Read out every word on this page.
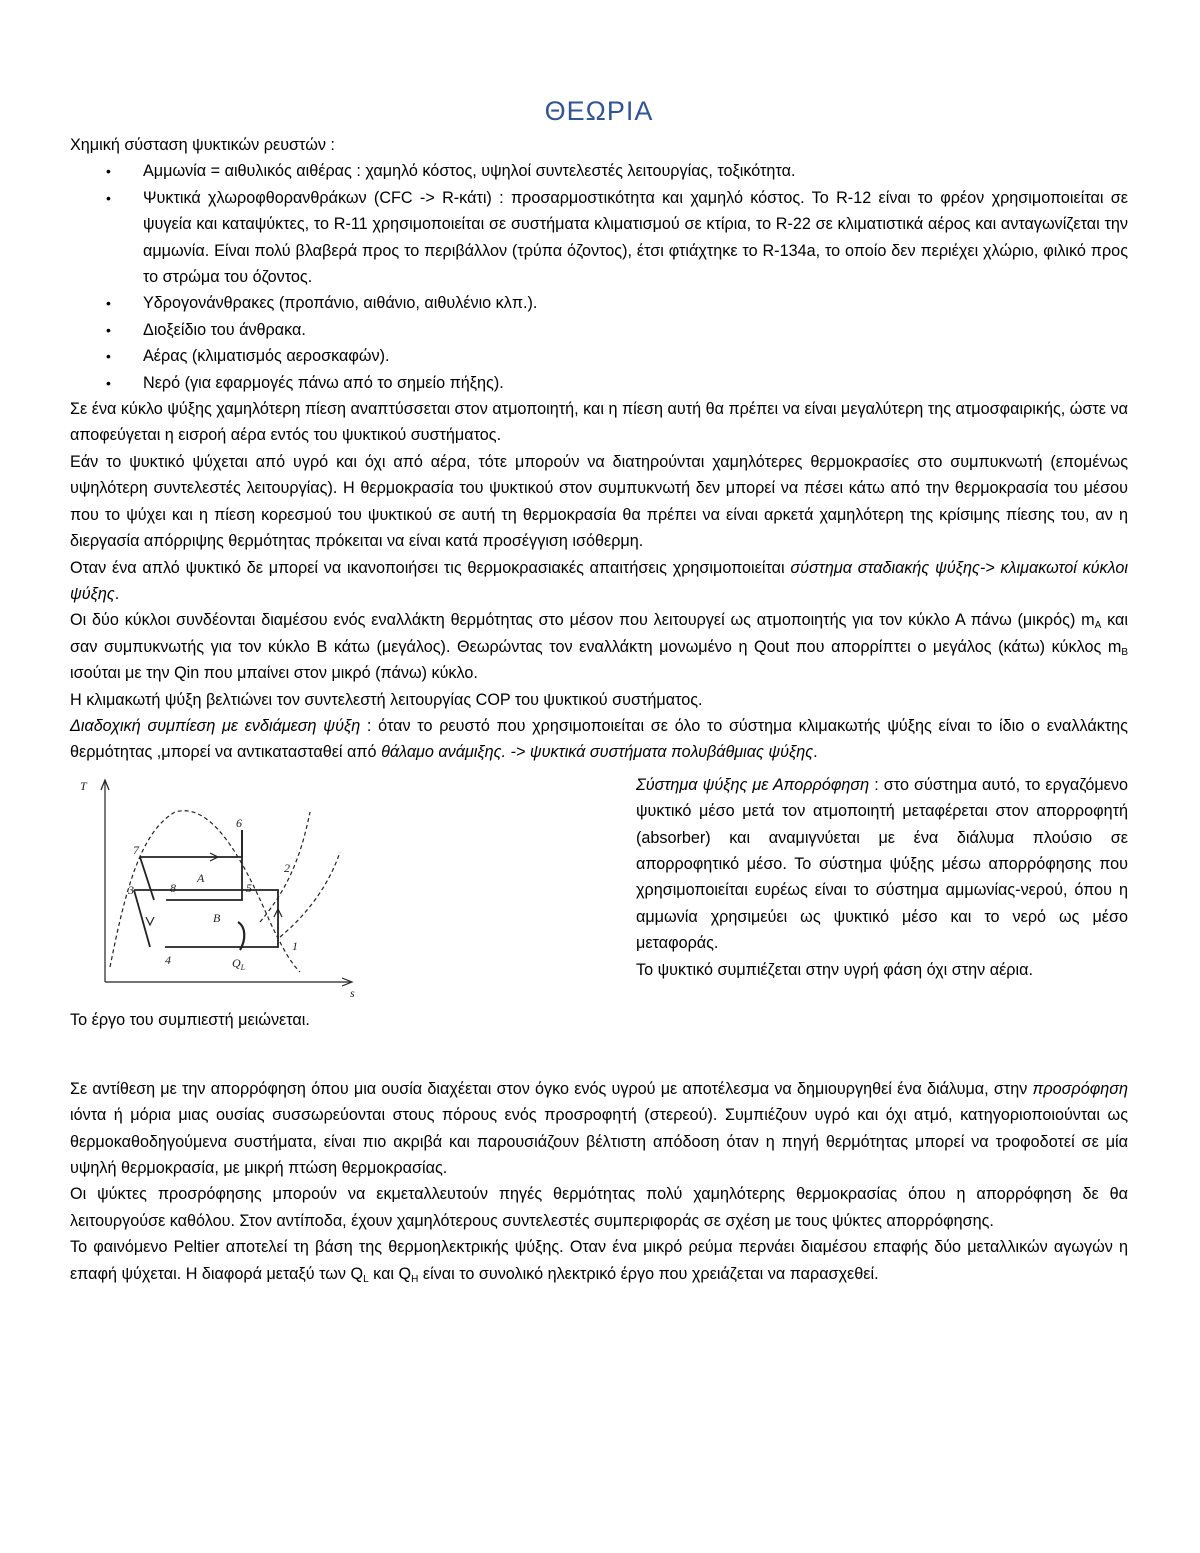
ΘΕΩΡΙΑ

Χημική σύσταση ψυκτικών ρευστών :

• Αμμωνία = αιθυλικός αιθέρας : χαμηλό κόστος, υψηλοί συντελεστές λειτουργίας, τοξικότητα.
• Ψυκτικά χλωροφθορανθράκων (CFC -> R-κάτι) : προσαρμοστικότητα και χαμηλό κόστος. Το R-12 είναι το φρέον χρησιμοποιείται σε ψυγεία και καταψύκτες, το R-11 χρησιμοποιείται σε συστήματα κλιματισμού σε κτίρια, το R-22 σε κλιματιστικά αέρος και ανταγωνίζεται την αμμωνία. Είναι πολύ βλαβερά προς το περιβάλλον (τρύπα όζοντος), έτσι φτιάχτηκε το R-134a, το οποίο δεν περιέχει χλώριο, φιλικό προς το στρώμα του όζοντος.
• Υδρογονάνθρακες (προπάνιο, αιθάνιο, αιθυλένιο κλπ.).
• Διοξείδιο του άνθρακα.
• Αέρας (κλιματισμός αεροσκαφών).
• Νερό (για εφαρμογές πάνω από το σημείο πήξης).

Σε ένα κύκλο ψύξης χαμηλότερη πίεση αναπτύσσεται στον ατμοποιητή, και η πίεση αυτή θα πρέπει να είναι μεγαλύτερη της ατμοσφαιρικής, ώστε να αποφεύγεται η εισροή αέρα εντός του ψυκτικού συστήματος.

Εάν το ψυκτικό ψύχεται από υγρό και όχι από αέρα, τότε μπορούν να διατηρούνται χαμηλότερες θερμοκρασίες στο συμπυκνωτή (επομένως υψηλότερη συντελεστές λειτουργίας). Η θερμοκρασία του ψυκτικού στον συμπυκνωτή δεν μπορεί να πέσει κάτω από την θερμοκρασία του μέσου που το ψύχει και η πίεση κορεσμού του ψυκτικού σε αυτή τη θερμοκρασία θα πρέπει να είναι αρκετά χαμηλότερη της κρίσιμης πίεσης του, αν η διεργασία απόρριψης θερμότητας πρόκειται να είναι κατά προσέγγιση ισόθερμη.

Οταν ένα απλό ψυκτικό δε μπορεί να ικανοποιήσει τις θερμοκρασιακές απαιτήσεις χρησιμοποιείται σύστημα σταδιακής ψύξης-> κλιμακωτοί κύκλοι ψύξης.

Οι δύο κύκλοι συνδέονται διαμέσου ενός εναλλάκτη θερμότητας στο μέσον που λειτουργεί ως ατμοποιητής για τον κύκλο Α πάνω (μικρός) $m_A$ και σαν συμπυκνωτής για τον κύκλο Β κάτω (μεγάλος). Θεωρώντας τον εναλλάκτη μονωμένο η Qout που απορρίπτει ο μεγάλος (κάτω) κύκλος $m_B$ ισούται με την Qin που μπαίνει στον μικρό (πάνω) κύκλο.

Η κλιμακωτή ψύξη βελτιώνει τον συντελεστή λειτουργίας COP του ψυκτικού συστήματος.

Διαδοχική συμπίεση με ενδιάμεση ψύξη : όταν το ρευστό που χρησιμοποιείται σε όλο το σύστημα κλιμακωτής ψύξης είναι το ίδιο ο εναλλάκτης θερμότητας ,μπορεί να αντικατασταθεί από θάλαμο ανάμιξης. -> ψυκτικά συστήματα πολυβάθμιας ψύξης.

T
s
1
2
3
4
5
6
7
8
A
B
$Q_L$
Το έργο του συμπιεστή μειώνεται.

Σύστημα ψύξης με Απορρόφηση : στο σύστημα αυτό, το εργαζόμενο ψυκτικό μέσο μετά τον ατμοποιητή μεταφέρεται στον απορροφητή (absorber) και αναμιγνύεται με ένα διάλυμα πλούσιο σε απορροφητικό μέσο. Το σύστημα ψύξης μέσω απορρόφησης που χρησιμοποιείται ευρέως είναι το σύστημα αμμωνίας-νερού, όπου η αμμωνία χρησιμεύει ως ψυκτικό μέσο και το νερό ως μέσο μεταφοράς.

Το ψυκτικό συμπιέζεται στην υγρή φάση όχι στην αέρια.

Σε αντίθεση με την απορρόφηση όπου μια ουσία διαχέεται στον όγκο ενός υγρού με αποτέλεσμα να δημιουργηθεί ένα διάλυμα, στην προσρόφηση ιόντα ή μόρια μιας ουσίας συσσωρεύονται στους πόρους ενός προσροφητή (στερεού). Συμπιέζουν υγρό και όχι ατμό, κατηγοριοποιούνται ως θερμοκαθοδηγούμενα συστήματα, είναι πιο ακριβά και παρουσιάζουν βέλτιστη απόδοση όταν η πηγή θερμότητας μπορεί να τροφοδοτεί σε μία υψηλή θερμοκρασία, με μικρή πτώση θερμοκρασίας.

Οι ψύκτες προσρόφησης μπορούν να εκμεταλλευτούν πηγές θερμότητας πολύ χαμηλότερης θερμοκρασίας όπου η απορρόφηση δε θα λειτουργούσε καθόλου. Στον αντίποδα, έχουν χαμηλότερους συντελεστές συμπεριφοράς σε σχέση με τους ψύκτες απορρόφησης.

Το φαινόμενο Peltier αποτελεί τη βάση της θερμοηλεκτρικής ψύξης. Οταν ένα μικρό ρεύμα περνάει διαμέσου επαφής δύο μεταλλικών αγωγών η επαφή ψύχεται. Η διαφορά μεταξύ των $Q_L$ και $Q_H$ είναι το συνολικό ηλεκτρικό έργο που χρειάζεται να παρασχεθεί.
